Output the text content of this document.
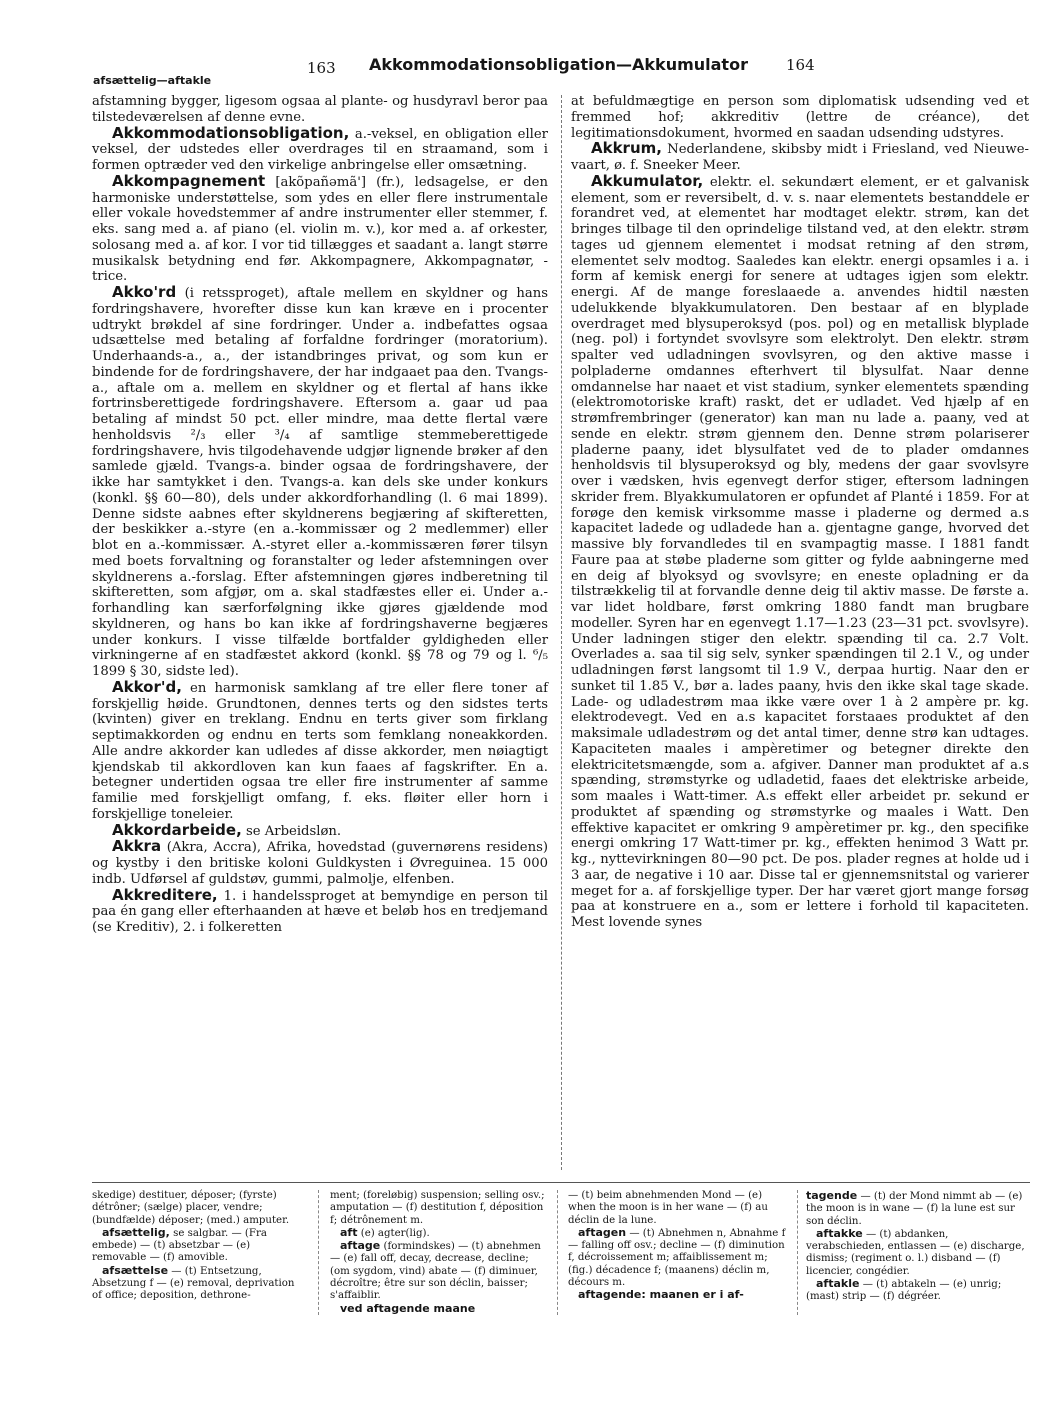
163 Akkommodationsobligation—Akkumulator	164
afsættelig—aftakle

afstamning bygger, ligesom ogsaa al plante- og husdyravl beror paa tilstedeværelsen af denne evne.

Akkommodationsobligation, a.-veksel, en obligation eller veksel, der udstedes eller overdrages til en straamand, som i formen optræder ved den virkelige anbringelse eller omsætning.

Akkompagnement [akõpañəmã'] (fr.), ledsagelse, er den harmoniske understøttelse, som ydes en eller flere instrumentale eller vokale hovedstemmer af andre instrumenter eller stemmer, f. eks. sang med a. af piano (el. violin m. v.), kor med a. af orkester, solosang med a. af kor. I vor tid tillægges et saadant a. langt større musikalsk betydning end før. Akkompagnere, Akkompagnatør, -trice.

Akko'rd (i retssproget), aftale mellem en skyldner og hans fordringshavere, hvorefter disse kun kan kræve en i procenter udtrykt brøkdel af sine fordringer. Under a. indbefattes ogsaa udsættelse med betaling af forfaldne fordringer (moratorium). Underhaands-a., a., der istandbringes privat, og som kun er bindende for de fordringshavere, der har indgaaet paa den. Tvangs-a., aftale om a. mellem en skyldner og et flertal af hans ikke fortrinsberettigede fordringshavere. Eftersom a. gaar ud paa betaling af mindst 50 pct. eller mindre, maa dette flertal være henholdsvis ²/₃ eller ³/₄ af samtlige stemmeberettigede fordringshavere, hvis tilgodehavende udgjør lignende brøker af den samlede gjæld. Tvangs-a. binder ogsaa de fordringshavere, der ikke har samtykket i den. Tvangs-a. kan dels ske under konkurs (konkl. §§ 60—80), dels under akkordforhandling (l. 6 mai 1899). Denne sidste aabnes efter skyldnerens begjæring af skifteretten, der beskikker a.-styre (en a.-kommissær og 2 medlemmer) eller blot en a.-kommissær. A.-styret eller a.-kommissæren fører tilsyn med boets forvaltning og foranstalter og leder afstemningen over skyldnerens a.-forslag. Efter afstemningen gjøres indberetning til skifteretten, som afgjør, om a. skal stadfæstes eller ei. Under a.-forhandling kan særforfølgning ikke gjøres gjældende mod skyldneren, og hans bo kan ikke af fordringshaverne begjæres under konkurs. I visse tilfælde bortfalder gyldigheden eller virkningerne af en stadfæstet akkord (konkl. §§ 78 og 79 og l. ⁶/₅ 1899 § 30, sidste led).

Akkor'd, en harmonisk samklang af tre eller flere toner af forskjellig høide. Grundtonen, dennes terts og den sidstes terts (kvinten) giver en treklang. Endnu en terts giver som firklang septimakkorden og endnu en terts som femklang noneakkorden. Alle andre akkorder kan udledes af disse akkorder, men nøiagtigt kjendskab til akkordloven kan kun faaes af fagskrifter. En a. betegner undertiden ogsaa tre eller fire instrumenter af samme familie med forskjelligt omfang, f. eks. fløiter eller horn i forskjellige toneleier.

Akkordarbeide, se Arbeidsløn.

Akkra (Akra, Accra), Afrika, hovedstad (guvernørens residens) og kystby i den britiske koloni Guldkysten i Øvreguinea. 15 000 indb. Udførsel af guldstøv, gummi, palmolje, elfenben.

Akkreditere, 1. i handelssproget at bemyndige en person til paa én gang eller efterhaanden at hæve et beløb hos en tredjemand (se Kreditiv), 2. i folkeretten

at befuldmægtige en person som diplomatisk udsending ved et fremmed hof; akkreditiv (lettre de créance), det legitimationsdokument, hvormed en saadan udsending udstyres.

Akkrum, Nederlandene, skibsby midt i Friesland, ved Nieuwe-vaart, ø. f. Sneeker Meer.

Akkumulator, elektr. el. sekundært element, er et galvanisk element, som er reversibelt, d. v. s. naar elementets bestanddele er forandret ved, at elementet har modtaget elektr. strøm, kan det bringes tilbage til den oprindelige tilstand ved, at den elektr. strøm tages ud gjennem elementet i modsat retning af den strøm, elementet selv modtog. Saaledes kan elektr. energi opsamles i a. i form af kemisk energi for senere at udtages igjen som elektr. energi. Af de mange foreslaaede a. anvendes hidtil næsten udelukkende blyakkumulatoren. Den bestaar af en blyplade overdraget med blysuperoksyd (pos. pol) og en metallisk blyplade (neg. pol) i fortyndet svovlsyre som elektrolyt. Den elektr. strøm spalter ved udladningen svovlsyren, og den aktive masse i polpladerne omdannes efterhvert til blysulfat. Naar denne omdannelse har naaet et vist stadium, synker elementets spænding (elektromotoriske kraft) raskt, det er udladet. Ved hjælp af en strømfrembringer (generator) kan man nu lade a. paany, ved at sende en elektr. strøm gjennem den. Denne strøm polariserer pladerne paany, idet blysulfatet ved de to plader omdannes henholdsvis til blysuperoksyd og bly, medens der gaar svovlsyre over i vædsken, hvis egenvegt derfor stiger, eftersom ladningen skrider frem. Blyakkumulatoren er opfundet af Planté i 1859. For at forøge den kemisk virksomme masse i pladerne og dermed a.s kapacitet ladede og udladede han a. gjentagne gange, hvorved det massive bly forvandledes til en svampagtig masse. I 1881 fandt Faure paa at støbe pladerne som gitter og fylde aabningerne med en deig af blyoksyd og svovlsyre; en eneste opladning er da tilstrækkelig til at forvandle denne deig til aktiv masse. De første a. var lidet holdbare, først omkring 1880 fandt man brugbare modeller. Syren har en egenvegt 1.17—1.23 (23—31 pct. svovlsyre). Under ladningen stiger den elektr. spænding til ca. 2.7 Volt. Overlades a. saa til sig selv, synker spændingen til 2.1 V., og under udladningen først langsomt til 1.9 V., derpaa hurtig. Naar den er sunket til 1.85 V., bør a. lades paany, hvis den ikke skal tage skade. Lade- og udladestrøm maa ikke være over 1 à 2 ampère pr. kg. elektrodevegt. Ved en a.s kapacitet forstaaes produktet af den maksimale udladestrøm og det antal timer, denne strø kan udtages. Kapaciteten maales i ampèretimer og betegner direkte den elektricitetsmængde, som a. afgiver. Danner man produktet af a.s spænding, strømstyrke og udladetid, faaes det elektriske arbeide, som maales i Watt-timer. A.s effekt eller arbeidet pr. sekund er produktet af spænding og strømstyrke og maales i Watt. Den effektive kapacitet er omkring 9 ampèretimer pr. kg., den specifike energi omkring 17 Watt-timer pr. kg., effekten henimod 3 Watt pr. kg., nyttevirkningen 80—90 pct. De pos. plader regnes at holde ud i 3 aar, de negative i 10 aar. Disse tal er gjennemsnitstal og varierer meget for a. af forskjellige typer. Der har været gjort mange forsøg paa at konstruere en a., som er lettere i forhold til kapaciteten. Mest lovende synes

skedige) destituer, déposer; (fyrste) détrôner; (sælge) placer, vendre; (bundfælde) déposer; (med.) amputer.

afsættelig, se salgbar. — (Fra embede) — (t) absetzbar — (e) removable — (f) amovible.

afsættelse — (t) Entsetzung, Absetzung f — (e) removal, deprivation of office; deposition, dethrone-

ment; (foreløbig) suspension; selling osv.; amputation — (f) destitution f, déposition f; détrônement m.

aft (e) agter(lig).

aftage (formindskes) — (t) abnehmen — (e) fall off, decay, decrease, decline; (om sygdom, vind) abate — (f) diminuer, décroître; être sur son déclin, baisser; s'affaiblir.

ved aftagende maane

— (t) beim abnehmenden Mond — (e) when the moon is in her wane — (f) au déclin de la lune.

aftagen — (t) Abnehmen n, Abnahme f — falling off osv.; decline — (f) diminution f, décroissement m; affaiblissement m; (fig.) décadence f; (maanens) déclin m, décours m.

aftagende: maanen er i af-

tagende — (t) der Mond nimmt ab — (e) the moon is in wane — (f) la lune est sur son déclin.

aftakke — (t) abdanken, verabschieden, entlassen — (e) discharge, dismiss; (regiment o. l.) disband — (f) licencier, congédier.

aftakle — (t) abtakeln — (e) unrig; (mast) strip — (f) dégréer.
